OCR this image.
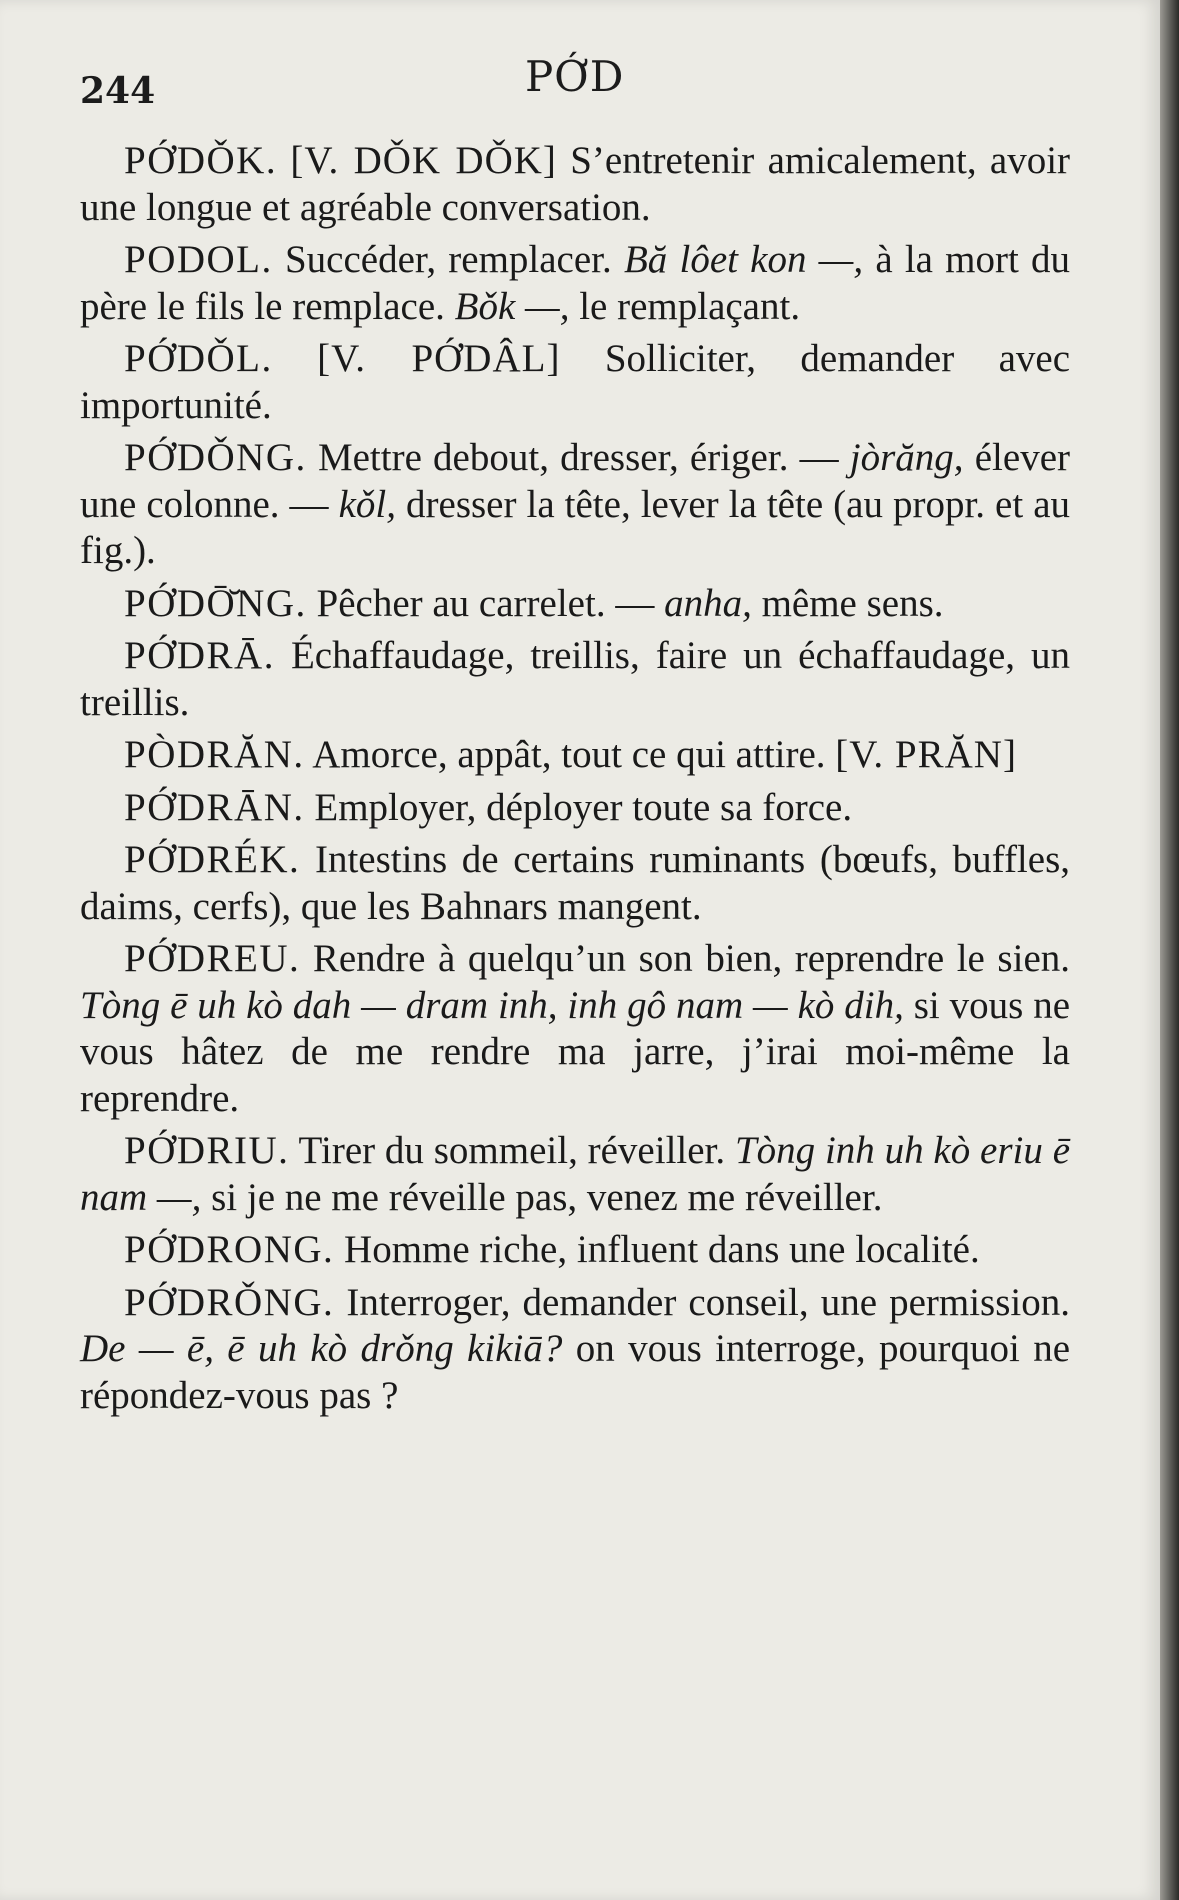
244	PỚD

PỚDǑK. [V. DǑK DǑK] S’entretenir amicalement, avoir une longue et agréable conversation.

PODOL. Succéder, remplacer. Bă lôet kon —, à la mort du père le fils le remplace. Bǒk —, le remplaçant.

PỚDǑL. [V. PỚDÂL] Solliciter, demander avec importunité.

PỚDǑNG. Mettre debout, dresser, ériger. — jòrăng, élever une colonne. — kǒl, dresser la tête, lever la tête (au propr. et au fig.).

PỚDŌ̆NG. Pêcher au carrelet. — anha, même sens.

PỚDRĀ. Échaffaudage, treillis, faire un échaffaudage, un treillis.

PÒDRĂN. Amorce, appât, tout ce qui attire. [V. PRĂN]

PỚDRĀN. Employer, déployer toute sa force.

PỚDRÉK. Intestins de certains ruminants (bœufs, buffles, daims, cerfs), que les Bahnars mangent.

PỚDREU. Rendre à quelqu’un son bien, reprendre le sien. Tòng ē uh kò dah — dram inh, inh gô nam — kò dih, si vous ne vous hâtez de me rendre ma jarre, j’irai moi-même la reprendre.

PỚDRIU. Tirer du sommeil, réveiller. Tòng inh uh kò eriu ē nam —, si je ne me réveille pas, venez me réveiller.

PỚDRONG. Homme riche, influent dans une localité.

PỚDRǑNG. Interroger, demander conseil, une permission. De — ē, ē uh kò drǒng kikiā? on vous interroge, pourquoi ne répondez-vous pas ?
